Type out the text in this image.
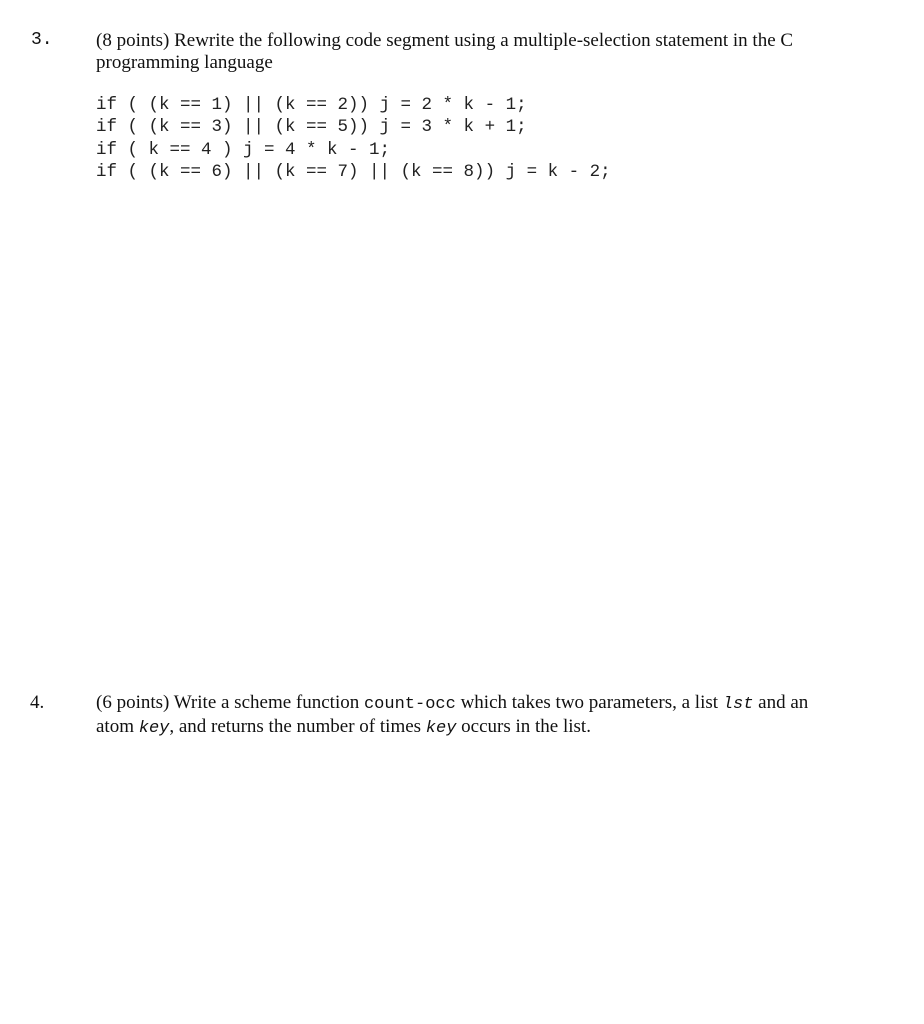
3. (8 points) Rewrite the following code segment using a multiple-selection statement in the C programming language
if ( (k == 1) || (k == 2)) j = 2 * k - 1;
if ( (k == 3) || (k == 5)) j = 3 * k + 1;
if ( k == 4 ) j = 4 * k - 1;
if ( (k == 6) || (k == 7) || (k == 8)) j = k - 2;
4.	(6 points) Write a scheme function count-occ which takes two parameters, a list lst and an atom key, and returns the number of times key occurs in the list.
